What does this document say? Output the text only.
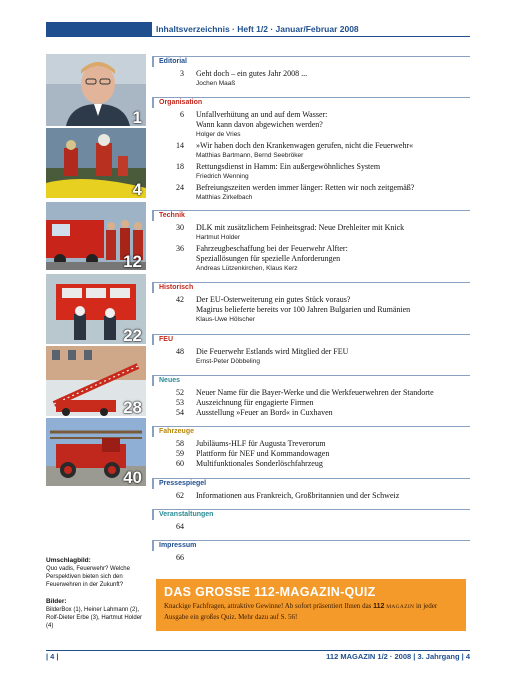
Inhaltsverzeichnis · Heft 1/2 · Januar/Februar 2008
1
4
12
22
28
40
Editorial
3 Geht doch – ein gutes Jahr 2008 ...
Jochen Maaß
Organisation
6 Unfallverhütung an und auf dem Wasser:
Wann kann davon abgewichen werden?
Holger de Vries
14 »Wir haben doch den Krankenwagen gerufen, nicht die Feuerwehr«
Matthias Bartmann, Bernd Seebröker
18 Rettungsdienst in Hamm: Ein außergewöhnliches System
Friedrich Wenning
24 Befreiungszeiten werden immer länger: Retten wir noch zeitgemäß?
Matthias Zirkelbach
Technik
30 DLK mit zusätzlichem Feinheitsgrad: Neue Drehleiter mit Knick
Hartmut Holder
36 Fahrzeugbeschaffung bei der Feuerwehr Alfter:
Speziallösungen für spezielle Anforderungen
Andreas Lützenkirchen, Klaus Kerz
Historisch
42 Der EU-Osterweiterung ein gutes Stück voraus?
Magirus belieferte bereits vor 100 Jahren Bulgarien und Rumänien
Klaus-Uwe Hölscher
FEU
48 Die Feuerwehr Estlands wird Mitglied der FEU
Ernst-Peter Döbbeling
Neues
52 Neuer Name für die Bayer-Werke und die Werkfeuerwehren der Standorte
53 Auszeichnung für engagierte Firmen
54 Ausstellung »Feuer an Bord« in Cuxhaven
Fahrzeuge
58 Jubiläums-HLF für Augusta Treverorum
59 Plattform für NEF und Kommandowagen
60 Multifunktionales Sonderlöschfahrzeug
Pressespiegel
62 Informationen aus Frankreich, Großbritannien und der Schweiz
Veranstaltungen
64
Impressum
66
Umschlagbild:
Quo vadis, Feuerwehr? Welche Perspektiven bieten sich den Feuerwehren in der Zukunft?
Bilder:
BilderBox (1), Heiner Lahmann (2), Rolf-Dieter Erbe (3), Hartmut Holder (4)
DAS GROSSE 112-MAGAZIN-QUIZ
Knackige Fachfragen, attraktive Gewinne! Ab sofort präsentiert Ihnen das 112 MAGAZIN in jeder Ausgabe ein großes Quiz. Mehr dazu auf S. 56!
| 4 |	112 MAGAZIN 1/2 · 2008 | 3. Jahrgang | 4
